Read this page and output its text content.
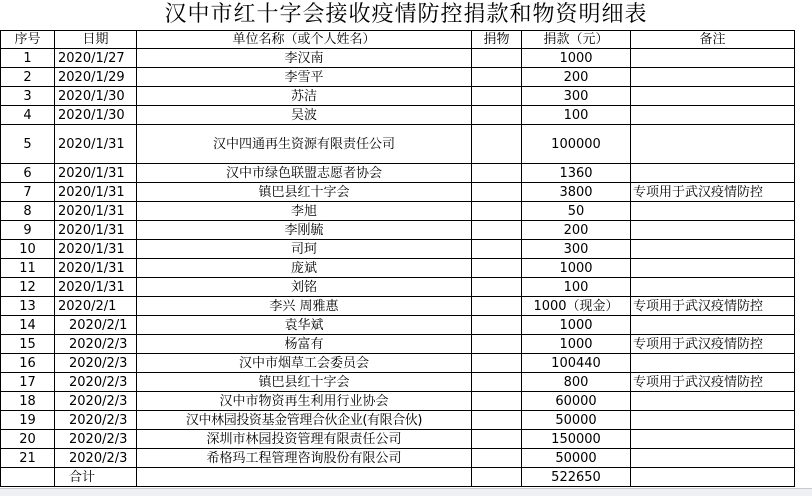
汉中市红十字会接收疫情防控捐款和物资明细表
序号	日期	单位名称（或个人姓名）	捐物	捐款（元）	备注
1	2020/1/27	李汉南		1000	
2	2020/1/29	李雪平		200	
3	2020/1/30	苏洁		300	
4	2020/1/30	吴波		100	
5	2020/1/31	汉中四通再生资源有限责任公司		100000	
6	2020/1/31	汉中市绿色联盟志愿者协会		1360	
7	2020/1/31	镇巴县红十字会		3800	专项用于武汉疫情防控
8	2020/1/31	李旭		50	
9	2020/1/31	李刚毓		200	
10	2020/1/31	司珂		300	
11	2020/1/31	庞斌		1000	
12	2020/1/31	刘铭		100	
13	2020/2/1	李兴 周雅惠		1000（现金）	专项用于武汉疫情防控
14	2020/2/1	袁华斌		1000	
15	2020/2/3	杨富有		1000	专项用于武汉疫情防控
16	2020/2/3	汉中市烟草工会委员会		100440	
17	2020/2/3	镇巴县红十字会		800	专项用于武汉疫情防控
18	2020/2/3	汉中市物资再生利用行业协会		60000	
19	2020/2/3	汉中林园投资基金管理合伙企业(有限合伙)		50000	
20	2020/2/3	深圳市林园投资管理有限责任公司		150000	
21	2020/2/3	希格玛工程管理咨询股份有限公司		50000	
	合计			522650	
